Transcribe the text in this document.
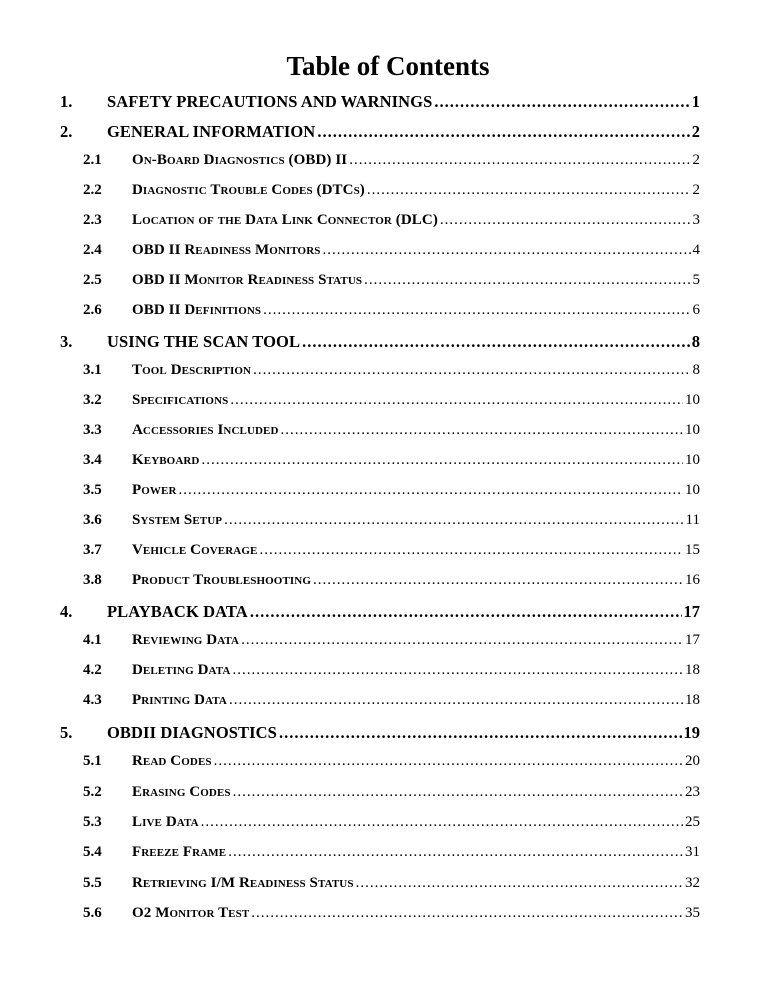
Table of Contents
1. SAFETY PRECAUTIONS AND WARNINGS .....	1
2. GENERAL INFORMATION .....	2
2.1 On-Board Diagnostics (OBD) II .....	2
2.2 Diagnostic Trouble Codes (DTCs) .....	2
2.3 Location of the Data Link Connector (DLC) .....	3
2.4 OBD II Readiness Monitors .....	4
2.5 OBD II Monitor Readiness Status .....	5
2.6 OBD II Definitions .....	6
3. USING THE SCAN TOOL .....	8
3.1 Tool Description .....	8
3.2 Specifications .....	10
3.3 Accessories Included .....	10
3.4 Keyboard .....	10
3.5 Power .....	10
3.6 System Setup .....	11
3.7 Vehicle Coverage .....	15
3.8 Product Troubleshooting .....	16
4. PLAYBACK DATA .....	17
4.1 Reviewing Data .....	17
4.2 Deleting Data .....	18
4.3 Printing Data .....	18
5. OBDII DIAGNOSTICS .....	19
5.1 Read Codes .....	20
5.2 Erasing Codes .....	23
5.3 Live Data .....	25
5.4 Freeze Frame .....	31
5.5 Retrieving I/M Readiness Status .....	32
5.6 O2 Monitor Test .....	35
